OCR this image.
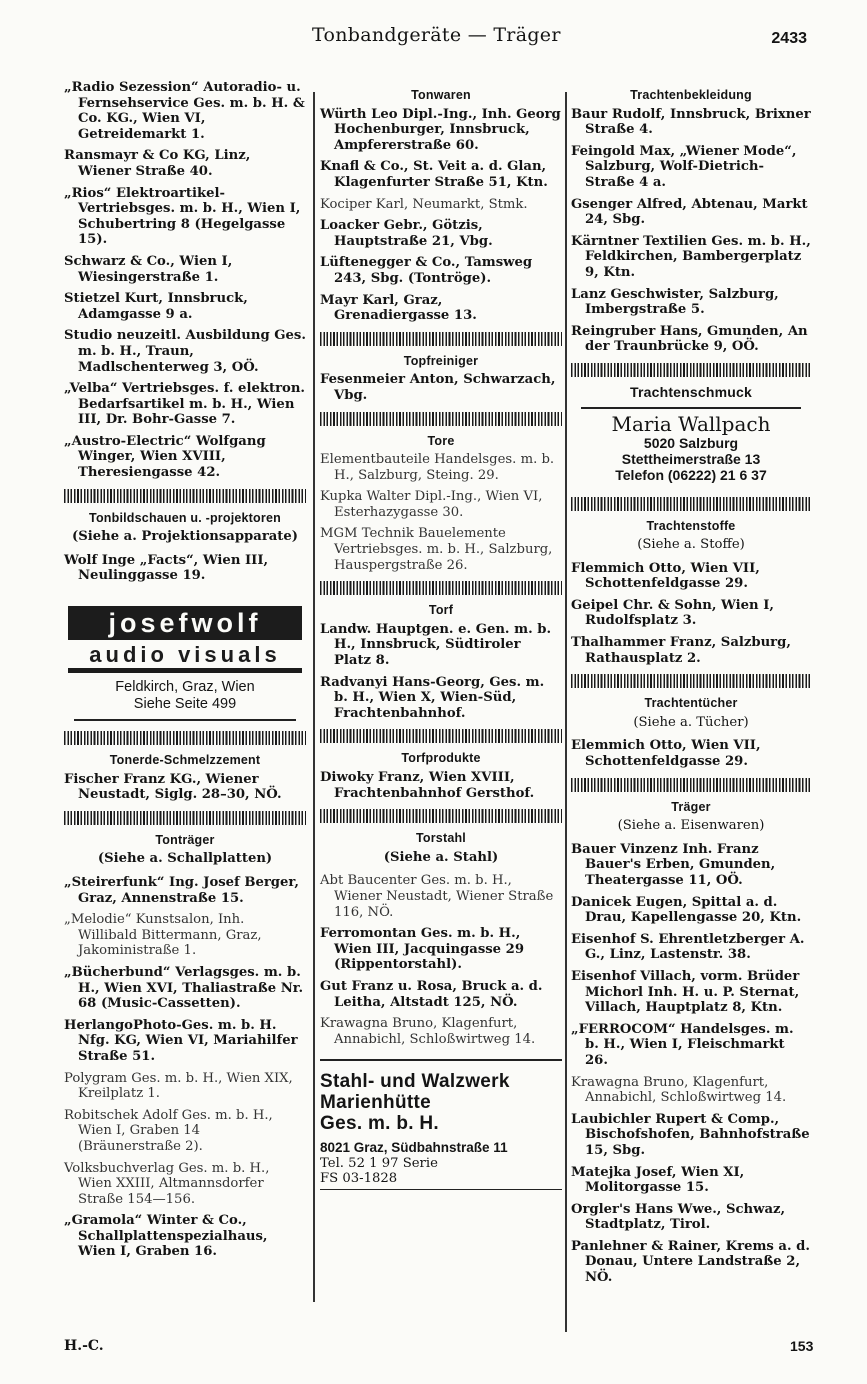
Tonbandgeräte — Träger	2433
„Radio Sezession“ Autoradio- u. Fernsehservice Ges. m. b. H. & Co. KG., Wien VI, Getreidemarkt 1.
Ransmayr & Co KG, Linz, Wiener Straße 40.
„Rios“ Elektroartikel-Vertriebsges. m. b. H., Wien I, Schubertring 8 (Hegelgasse 15).
Schwarz & Co., Wien I, Wiesingerstraße 1.
Stietzel Kurt, Innsbruck, Adamgasse 9 a.
Studio neuzeitl. Ausbildung Ges. m. b. H., Traun, Madlschenterweg 3, OÖ.
„Velba“ Vertriebsges. f. elektron. Bedarfsartikel m. b. H., Wien III, Dr. Bohr-Gasse 7.
„Austro-Electric“ Wolfgang Winger, Wien XVIII, Theresiengasse 42.
Tonbildschauen u. -projektoren
(Siehe a. Projektionsapparate)
Wolf Inge „Facts“, Wien III, Neulinggasse 19.
josefwolf
audio visuals
Feldkirch, Graz, Wien
Siehe Seite 499
Tonerde-Schmelzzement
Fischer Franz KG., Wiener Neustadt, Siglg. 28–30, NÖ.
Tonträger
(Siehe a. Schallplatten)
„Steirerfunk“ Ing. Josef Berger, Graz, Annenstraße 15.
„Melodie“ Kunstsalon, Inh. Willibald Bittermann, Graz, Jakoministraße 1.
„Bücherbund“ Verlagsges. m. b. H., Wien XVI, Thaliastraße Nr. 68 (Music-Cassetten).
HerlangoPhoto-Ges. m. b. H. Nfg. KG, Wien VI, Mariahilfer Straße 51.
Polygram Ges. m. b. H., Wien XIX, Kreilplatz 1.
Robitschek Adolf Ges. m. b. H., Wien I, Graben 14 (Bräunerstraße 2).
Volksbuchverlag Ges. m. b. H., Wien XXIII, Altmannsdorfer Straße 154—156.
„Gramola“ Winter & Co., Schallplattenspezialhaus, Wien I, Graben 16.
Tonwaren
Würth Leo Dipl.-Ing., Inh. Georg Hochenburger, Innsbruck, Ampfererstraße 60.
Knafl & Co., St. Veit a. d. Glan, Klagenfurter Straße 51, Ktn.
Kociper Karl, Neumarkt, Stmk.
Loacker Gebr., Götzis, Hauptstraße 21, Vbg.
Lüftenegger & Co., Tamsweg 243, Sbg. (Tontröge).
Mayr Karl, Graz, Grenadiergasse 13.
Topfreiniger
Fesenmeier Anton, Schwarzach, Vbg.
Tore
Elementbauteile Handelsges. m. b. H., Salzburg, Steing. 29.
Kupka Walter Dipl.-Ing., Wien VI, Esterhazygasse 30.
MGM Technik Bauelemente Vertriebsges. m. b. H., Salzburg, Hauspergstraße 26.
Torf
Landw. Hauptgen. e. Gen. m. b. H., Innsbruck, Südtiroler Platz 8.
Radvanyi Hans-Georg, Ges. m. b. H., Wien X, Wien-Süd, Frachtenbahnhof.
Torfprodukte
Diwoky Franz, Wien XVIII, Frachtenbahnhof Gersthof.
Torstahl
(Siehe a. Stahl)
Abt Baucenter Ges. m. b. H., Wiener Neustadt, Wiener Straße 116, NÖ.
Ferromontan Ges. m. b. H., Wien III, Jacquingasse 29 (Rippentorstahl).
Gut Franz u. Rosa, Bruck a. d. Leitha, Altstadt 125, NÖ.
Krawagna Bruno, Klagenfurt, Annabichl, Schloßwirtweg 14.
Stahl- und Walzwerk
Marienhütte
Ges. m. b. H.
8021 Graz, Südbahnstraße 11
Tel. 52 1 97 Serie
FS 03-1828
Trachtenbekleidung
Baur Rudolf, Innsbruck, Brixner Straße 4.
Feingold Max, „Wiener Mode“, Salzburg, Wolf-Dietrich-Straße 4 a.
Gsenger Alfred, Abtenau, Markt 24, Sbg.
Kärntner Textilien Ges. m. b. H., Feldkirchen, Bambergerplatz 9, Ktn.
Lanz Geschwister, Salzburg, Imbergstraße 5.
Reingruber Hans, Gmunden, An der Traunbrücke 9, OÖ.
Trachtenschmuck
Maria Wallpach
5020 Salzburg
Stettheimerstraße 13
Telefon (06222) 21 6 37
Trachtenstoffe
(Siehe a. Stoffe)
Flemmich Otto, Wien VII, Schottenfeldgasse 29.
Geipel Chr. & Sohn, Wien I, Rudolfsplatz 3.
Thalhammer Franz, Salzburg, Rathausplatz 2.
Trachtentücher
(Siehe a. Tücher)
Elemmich Otto, Wien VII, Schottenfeldgasse 29.
Träger
(Siehe a. Eisenwaren)
Bauer Vinzenz Inh. Franz Bauer's Erben, Gmunden, Theatergasse 11, OÖ.
Danicek Eugen, Spittal a. d. Drau, Kapellengasse 20, Ktn.
Eisenhof S. Ehrentletzberger A. G., Linz, Lastenstr. 38.
Eisenhof Villach, vorm. Brüder Michorl Inh. H. u. P. Sternat, Villach, Hauptplatz 8, Ktn.
„FERROCOM“ Handelsges. m. b. H., Wien I, Fleischmarkt 26.
Krawagna Bruno, Klagenfurt, Annabichl, Schloßwirtweg 14.
Laubichler Rupert & Comp., Bischofshofen, Bahnhofstraße 15, Sbg.
Matejka Josef, Wien XI, Molitorgasse 15.
Orgler's Hans Wwe., Schwaz, Stadtplatz, Tirol.
Panlehner & Rainer, Krems a. d. Donau, Untere Landstraße 2, NÖ.
H.-C.	153
